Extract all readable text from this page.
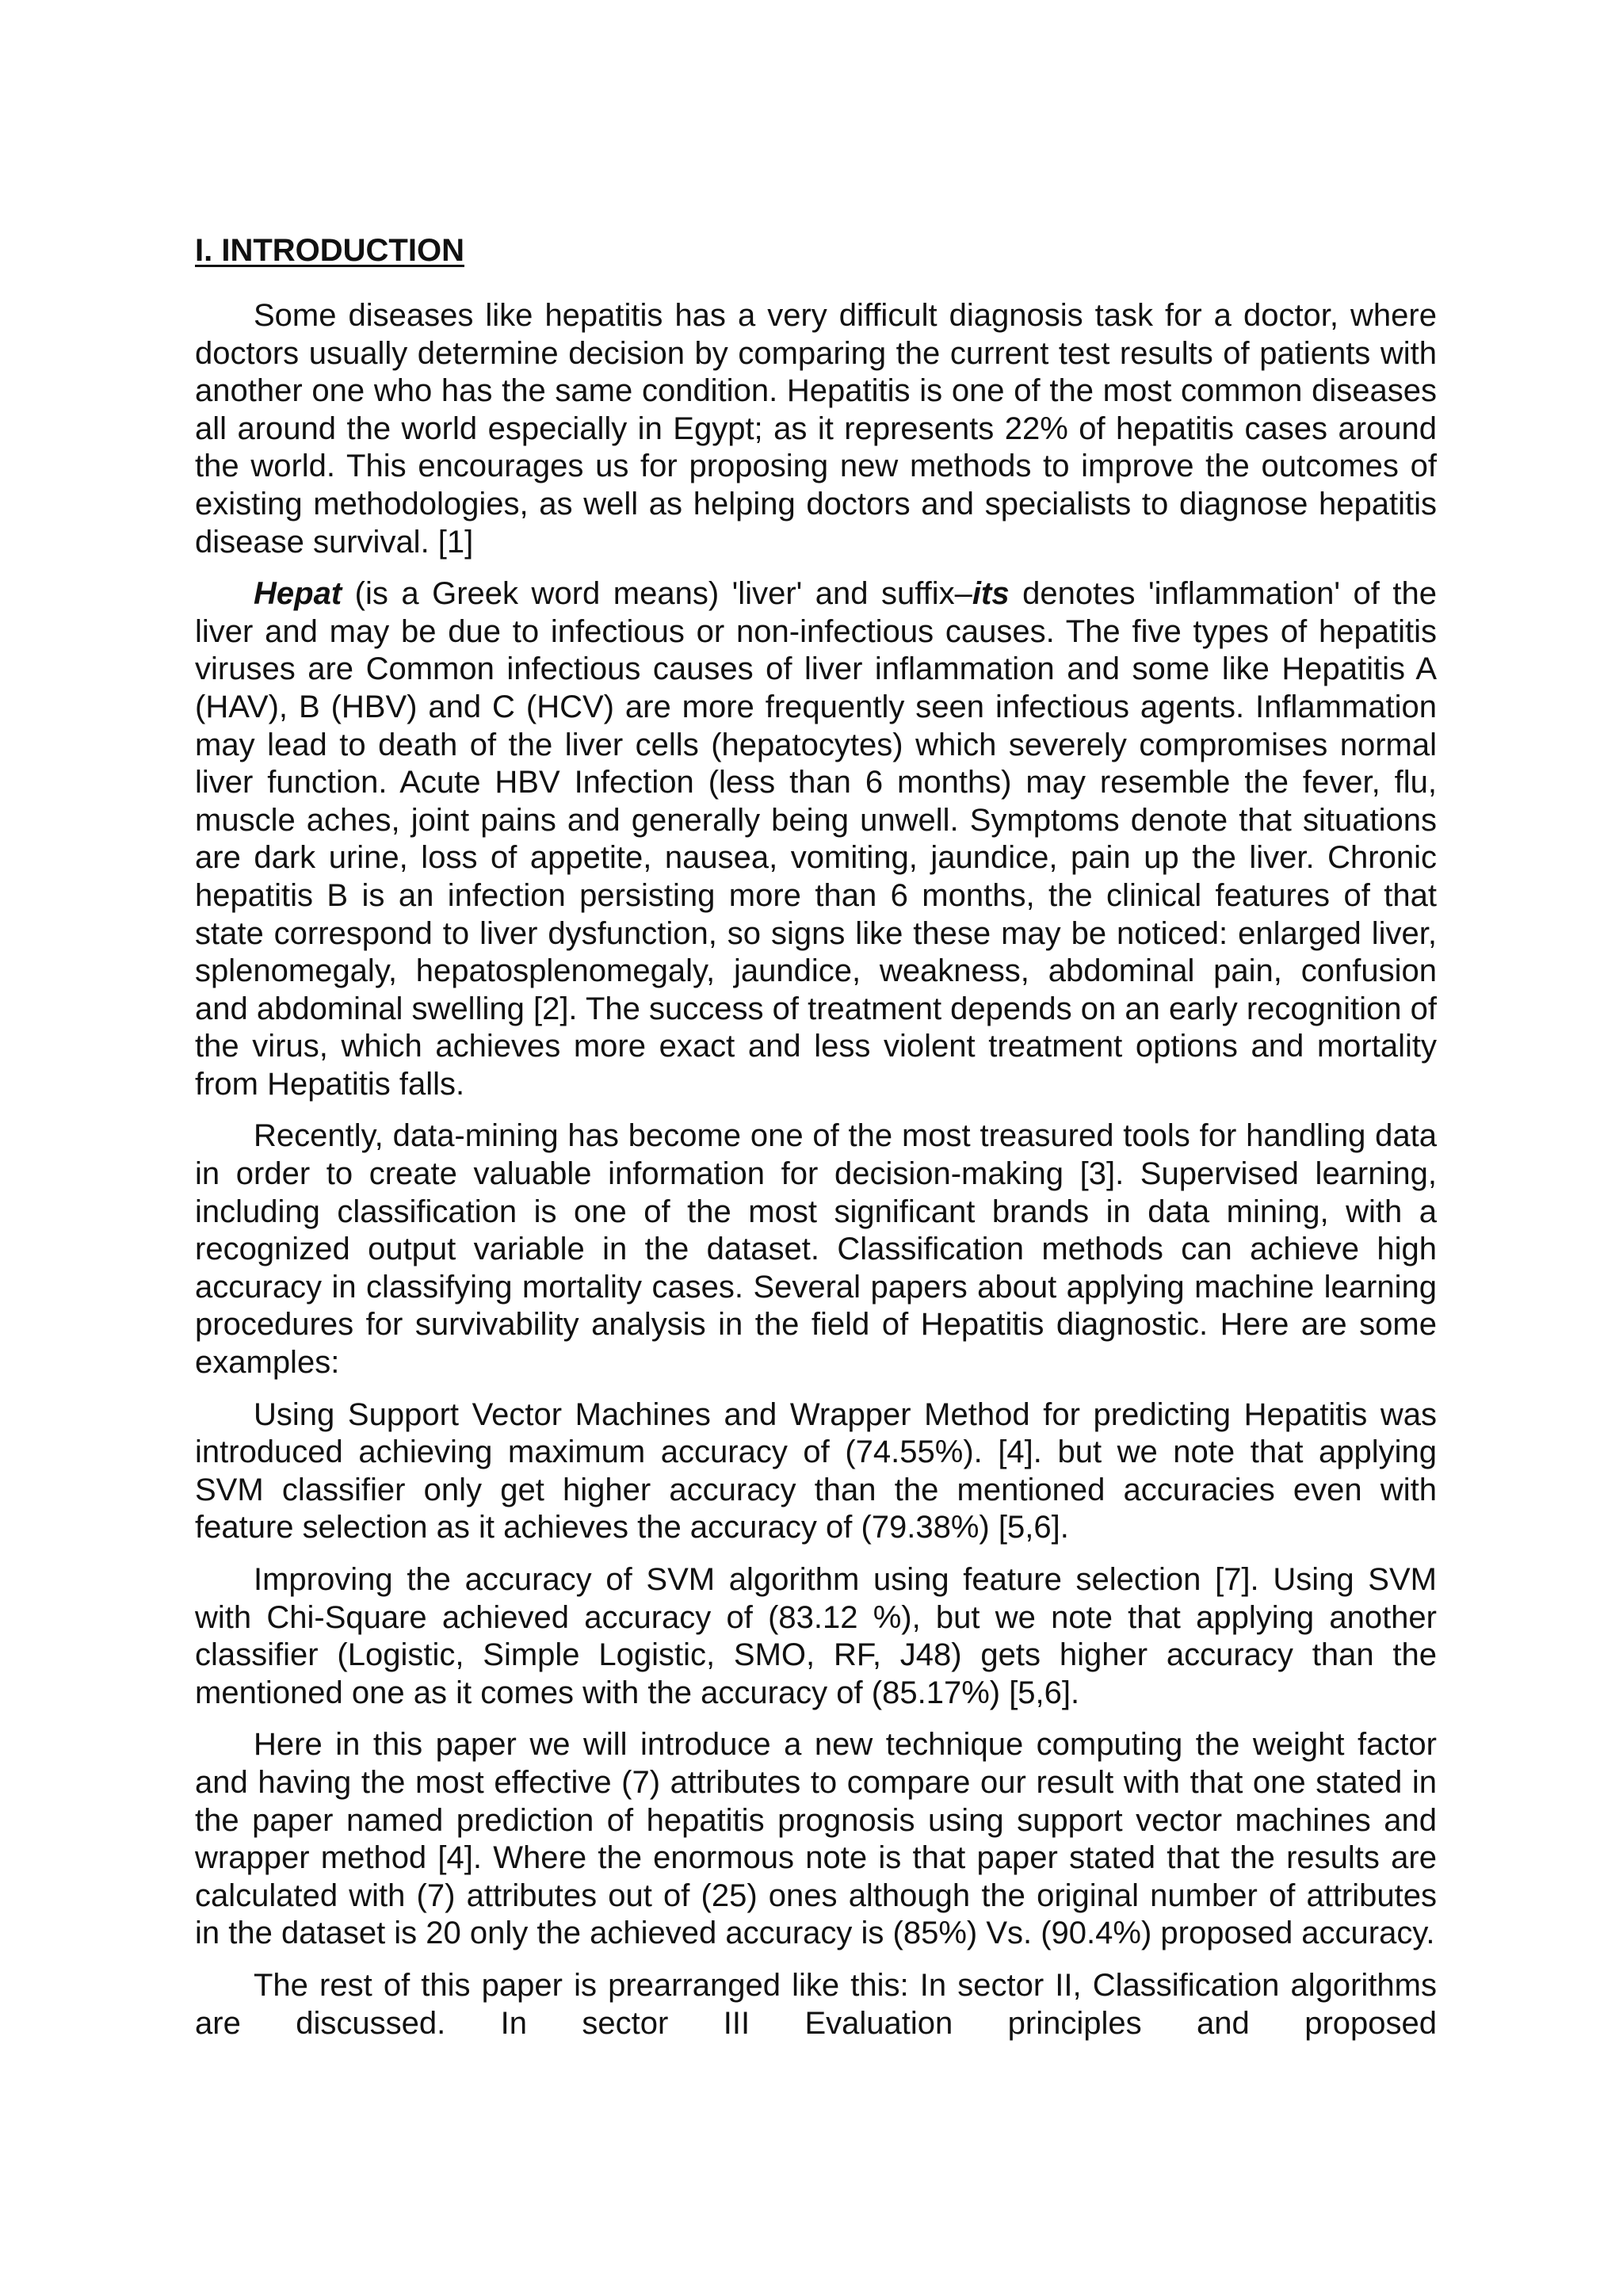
I. INTRODUCTION

Some diseases like hepatitis has a very difficult diagnosis task for a doctor, where doctors usually determine decision by comparing the current test results of patients with another one who has the same condition. Hepatitis is one of the most common diseases all around the world especially in Egypt; as it represents 22% of hepatitis cases around the world. This encourages us for proposing new methods to improve the outcomes of existing methodologies, as well as helping doctors and specialists to diagnose hepatitis disease survival. [1]

Hepat (is a Greek word means) 'liver' and suffix–its denotes 'inflammation' of the liver and may be due to infectious or non-infectious causes. The five types of hepatitis viruses are Common infectious causes of liver inflammation and some like Hepatitis A (HAV), B (HBV) and C (HCV) are more frequently seen infectious agents. Inflammation may lead to death of the liver cells (hepatocytes) which severely compromises normal liver function. Acute HBV Infection (less than 6 months) may resemble the fever, flu, muscle aches, joint pains and generally being unwell. Symptoms denote that situations are dark urine, loss of appetite, nausea, vomiting, jaundice, pain up the liver. Chronic hepatitis B is an infection persisting more than 6 months, the clinical features of that state correspond to liver dysfunction, so signs like these may be noticed: enlarged liver, splenomegaly, hepatosplenomegaly, jaundice, weakness, abdominal pain, confusion and abdominal swelling [2]. The success of treatment depends on an early recognition of the virus, which achieves more exact and less violent treatment options and mortality from Hepatitis falls.

Recently, data-mining has become one of the most treasured tools for handling data in order to create valuable information for decision-making [3]. Supervised learning, including classification is one of the most significant brands in data mining, with a recognized output variable in the dataset. Classification methods can achieve high accuracy in classifying mortality cases. Several papers about applying machine learning procedures for survivability analysis in the field of Hepatitis diagnostic. Here are some examples:

Using Support Vector Machines and Wrapper Method for predicting Hepatitis was introduced achieving maximum accuracy of (74.55%). [4]. but we note that applying SVM classifier only get higher accuracy than the mentioned accuracies even with feature selection as it achieves the accuracy of (79.38%) [5,6].

Improving the accuracy of SVM algorithm using feature selection [7]. Using SVM with Chi-Square achieved accuracy of (83.12 %), but we note that applying another classifier (Logistic, Simple Logistic, SMO, RF, J48) gets higher accuracy than the mentioned one as it comes with the accuracy of (85.17%) [5,6].

Here in this paper we will introduce a new technique computing the weight factor and having the most effective (7) attributes to compare our result with that one stated in the paper named prediction of hepatitis prognosis using support vector machines and wrapper method [4]. Where the enormous note is that paper stated that the results are calculated with (7) attributes out of (25) ones although the original number of attributes in the dataset is 20 only the achieved accuracy is (85%) Vs. (90.4%) proposed accuracy.

The rest of this paper is prearranged like this: In sector II, Classification algorithms are discussed. In sector III Evaluation principles and proposed
